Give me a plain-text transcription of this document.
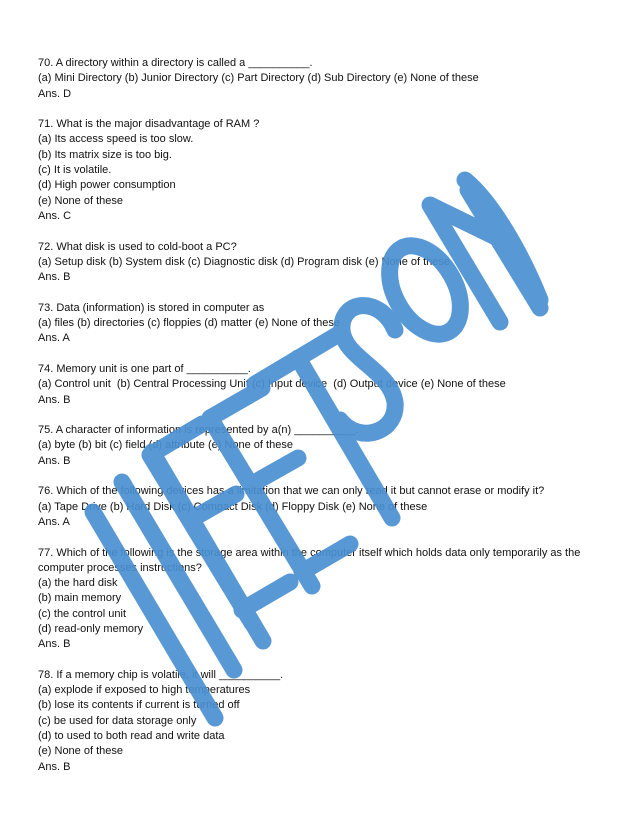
70. A directory within a directory is called a __________.
(a) Mini Directory (b) Junior Directory (c) Part Directory (d) Sub Directory (e) None of these
Ans. D
71. What is the major disadvantage of RAM ?
(a) Its access speed is too slow.
(b) Its matrix size is too big.
(c) It is volatile.
(d) High power consumption
(e) None of these
Ans. C
72. What disk is used to cold-boot a PC?
(a) Setup disk (b) System disk (c) Diagnostic disk (d) Program disk (e) None of these
Ans. B
73. Data (information) is stored in computer as
(a) files (b) directories (c) floppies (d) matter (e) None of these
Ans. A
74. Memory unit is one part of __________.
(a) Control unit  (b) Central Processing Unit (c) Input device  (d) Output device (e) None of these
Ans. B
75. A character of information is represented by a(n) __________.
(a) byte (b) bit (c) field (d) attribute (e) None of these
Ans. B
76. Which of the following devices has a limitation that we can only read it but cannot erase or modify it?
(a) Tape Drive (b) Hard Disk (c) Compact Disk (d) Floppy Disk (e) None of these
Ans. A
77. Which of the following is the storage area within the computer itself which holds data only temporarily as the computer processes instructions?
(a) the hard disk
(b) main memory
(c) the control unit
(d) read-only memory
Ans. B
78. If a memory chip is volatile, it will __________.
(a) explode if exposed to high temperatures
(b) lose its contents if current is turned off
(c) be used for data storage only
(d) to used to both read and write data
(e) None of these
Ans. B
